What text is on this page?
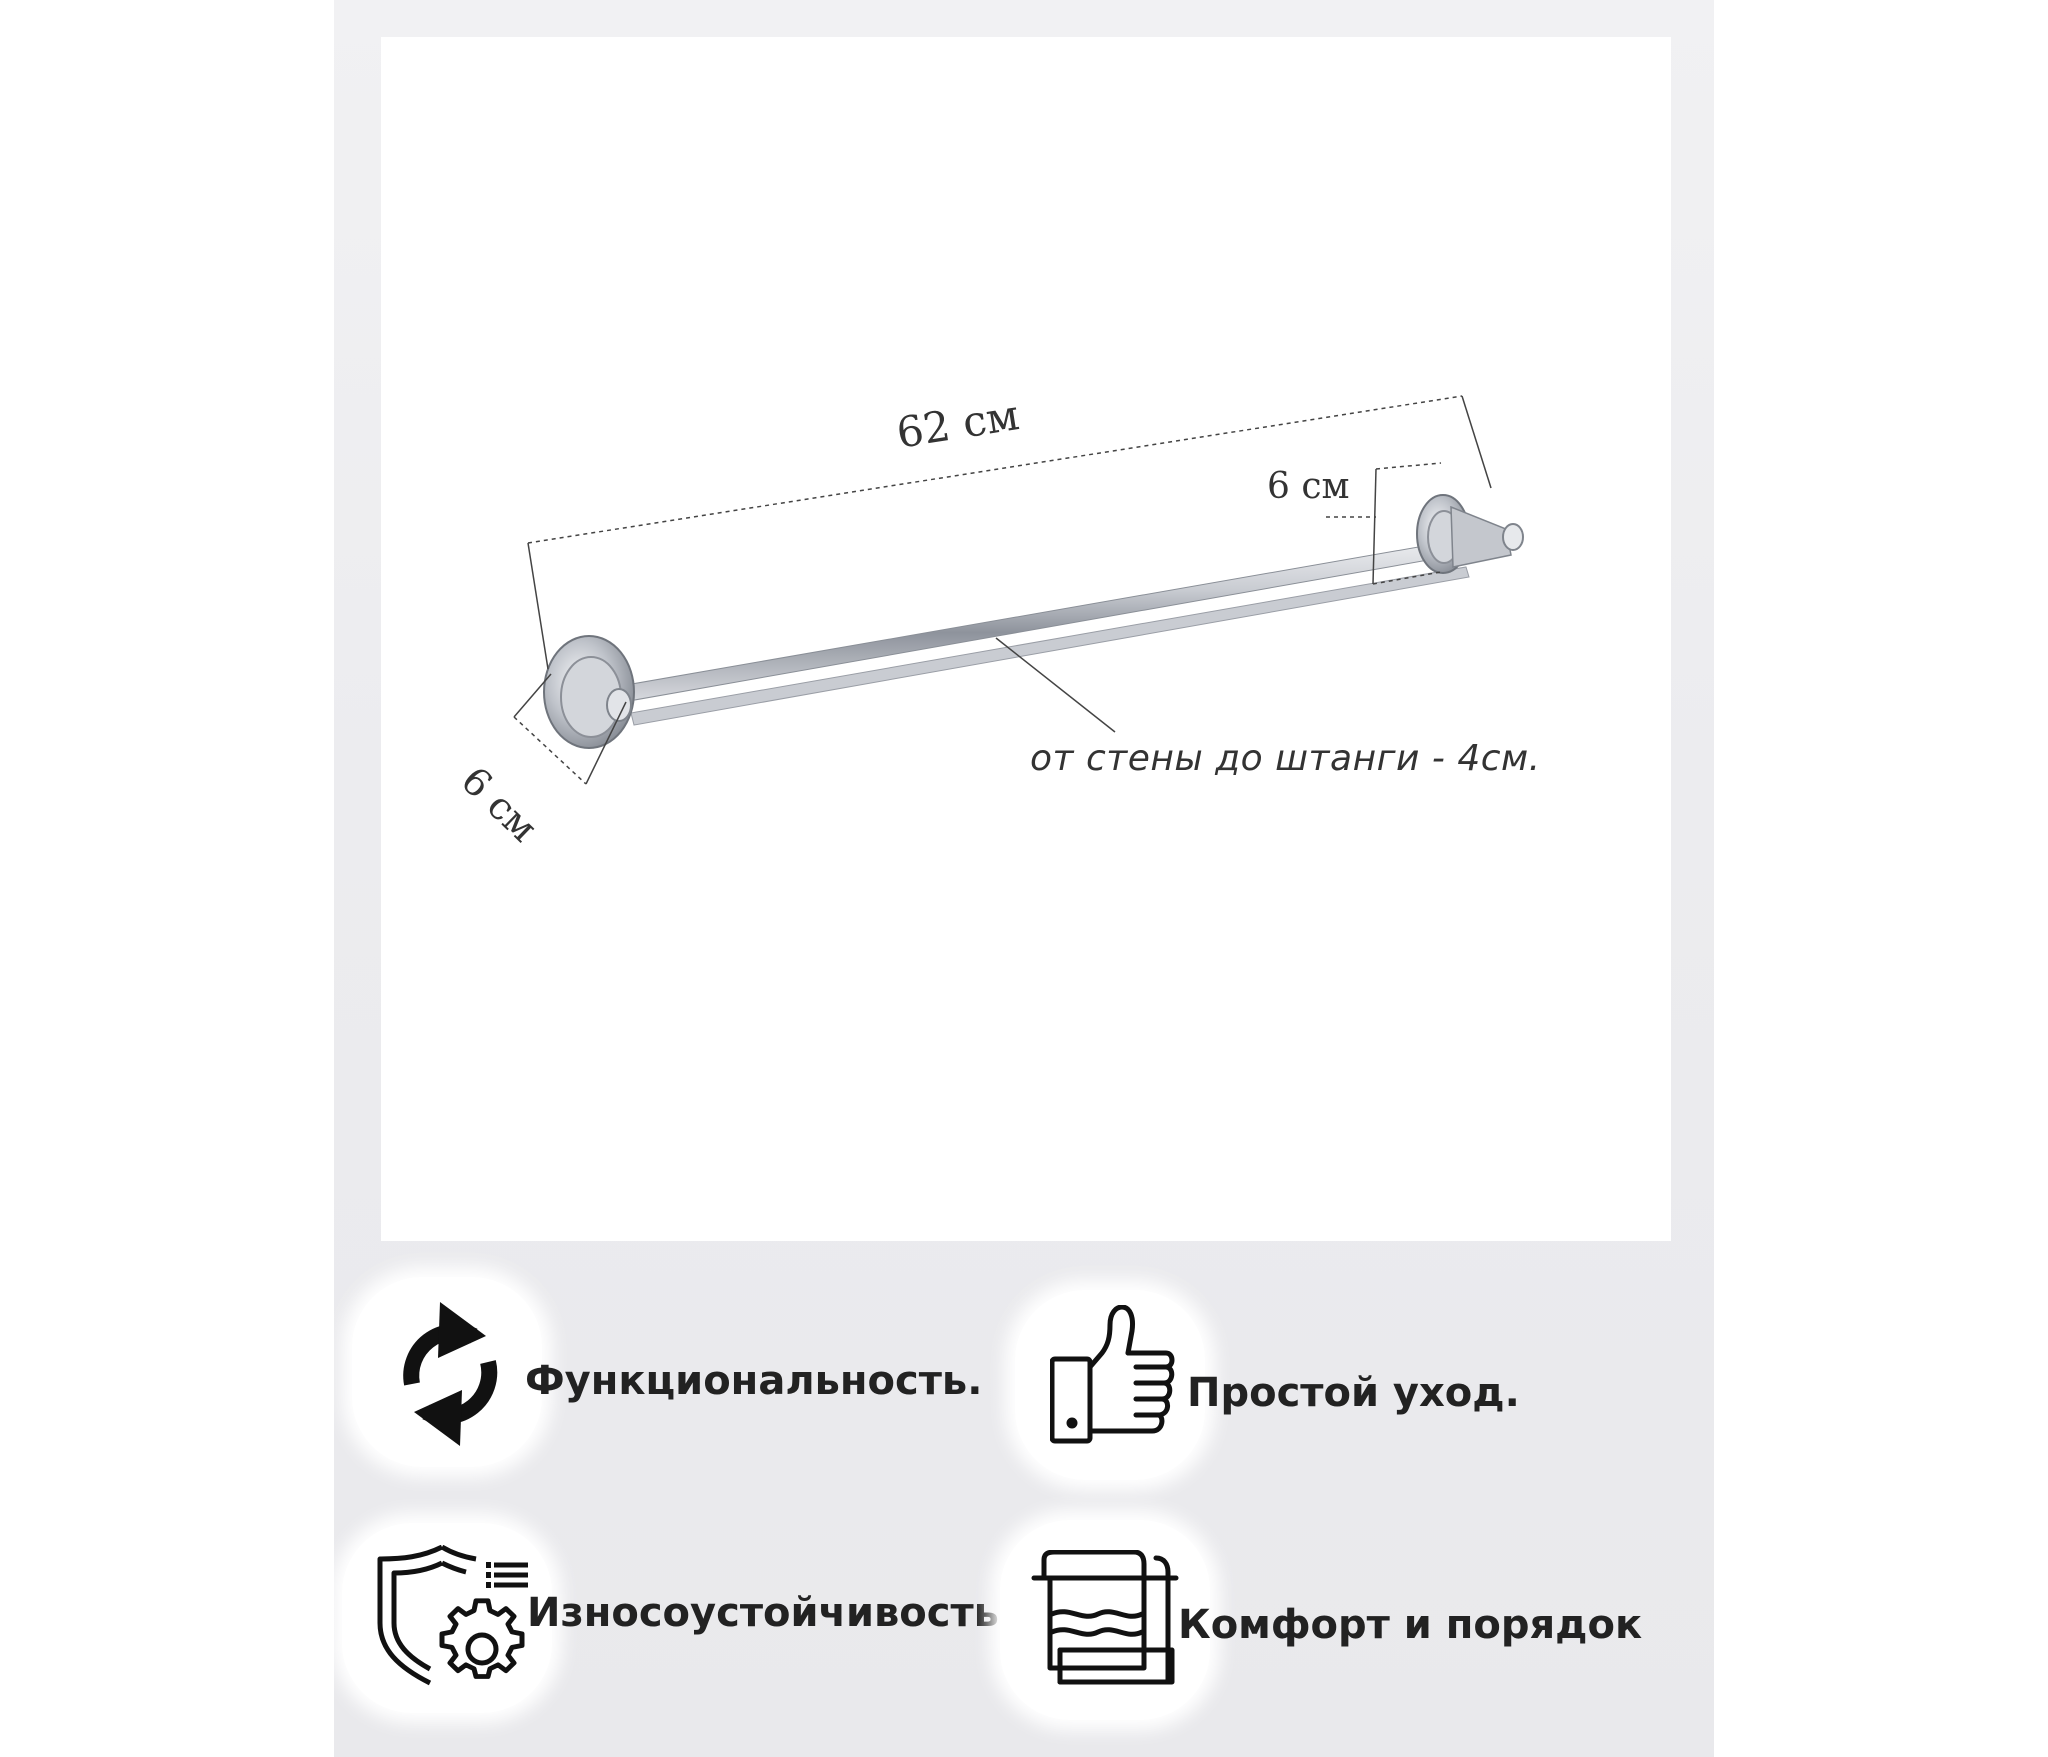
62 см
6 см
6 см	от стены до штанги - 4см.
Функциональность.	Простой уход.
Износоустойчивость	Комфорт и порядок
